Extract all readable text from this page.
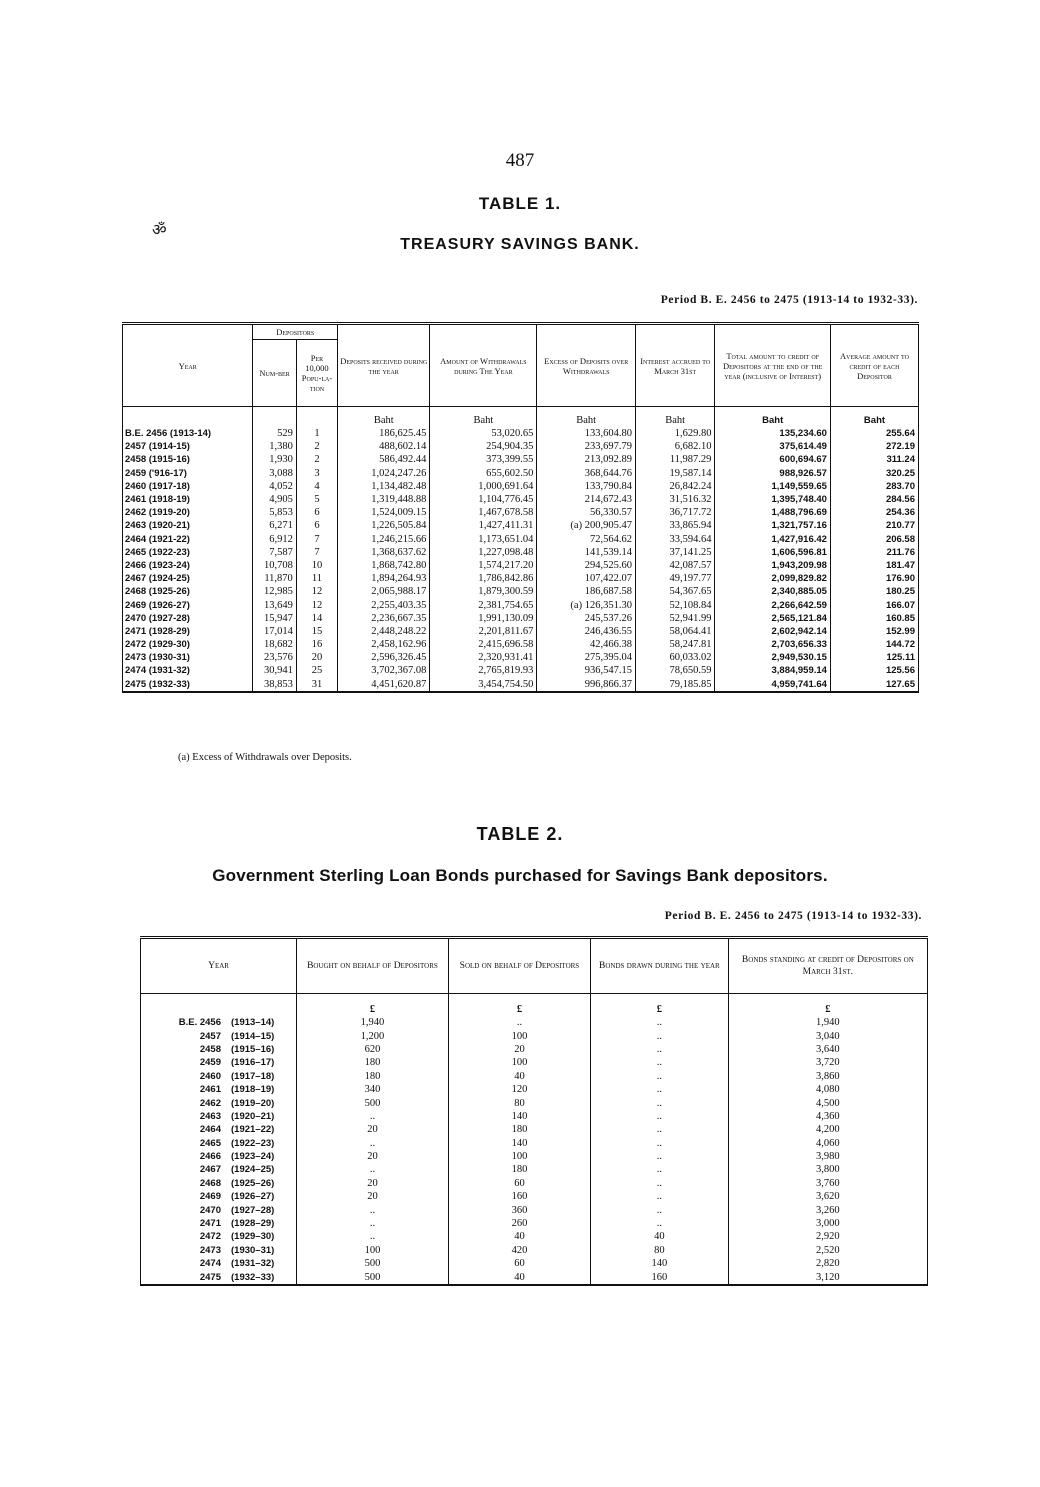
487
ॐ
TABLE 1.
TREASURY SAVINGS BANK.
Period B. E. 2456 to 2475 (1913-14 to 1932-33).
Year	Depositors		Deposits received during the year	Amount of Withdrawals during The Year	Excess of Deposits over Withdrawals	Interest accrued to March 31st	Total amount to credit of Depositors at the end of the year (inclusive of Interest)	Average amount to credit of each Depositor
	Num-ber	Per 10,000 Popu-la-tion						
			Baht	Baht	Baht	Baht	Baht	Baht
B.E. 2456 (1913-14)	529	1	186,625.45	53,020.65	133,604.80	1,629.80	135,234.60	255.64
2457 (1914-15)	1,380	2	488,602.14	254,904.35	233,697.79	6,682.10	375,614.49	272.19
2458 (1915-16)	1,930	2	586,492.44	373,399.55	213,092.89	11,987.29	600,694.67	311.24
2459 ('916-17)	3,088	3	1,024,247.26	655,602.50	368,644.76	19,587.14	988,926.57	320.25
2460 (1917-18)	4,052	4	1,134,482.48	1,000,691.64	133,790.84	26,842.24	1,149,559.65	283.70
2461 (1918-19)	4,905	5	1,319,448.88	1,104,776.45	214,672.43	31,516.32	1,395,748.40	284.56
2462 (1919-20)	5,853	6	1,524,009.15	1,467,678.58	56,330.57	36,717.72	1,488,796.69	254.36
2463 (1920-21)	6,271	6	1,226,505.84	1,427,411.31	(a) 200,905.47	33,865.94	1,321,757.16	210.77
2464 (1921-22)	6,912	7	1,246,215.66	1,173,651.04	72,564.62	33,594.64	1,427,916.42	206.58
2465 (1922-23)	7,587	7	1,368,637.62	1,227,098.48	141,539.14	37,141.25	1,606,596.81	211.76
2466 (1923-24)	10,708	10	1,868,742.80	1,574,217.20	294,525.60	42,087.57	1,943,209.98	181.47
2467 (1924-25)	11,870	11	1,894,264.93	1,786,842.86	107,422.07	49,197.77	2,099,829.82	176.90
2468 (1925-26)	12,985	12	2,065,988.17	1,879,300.59	186,687.58	54,367.65	2,340,885.05	180.25
2469 (1926-27)	13,649	12	2,255,403.35	2,381,754.65	(a) 126,351.30	52,108.84	2,266,642.59	166.07
2470 (1927-28)	15,947	14	2,236,667.35	1,991,130.09	245,537.26	52,941.99	2,565,121.84	160.85
2471 (1928-29)	17,014	15	2,448,248.22	2,201,811.67	246,436.55	58,064.41	2,602,942.14	152.99
2472 (1929-30)	18,682	16	2,458,162.96	2,415,696.58	42,466.38	58,247.81	2,703,656.33	144.72
2473 (1930-31)	23,576	20	2,596,326.45	2,320,931.41	275,395.04	60,033.02	2,949,530.15	125.11
2474 (1931-32)	30,941	25	3,702,367.08	2,765,819.93	936,547.15	78,650.59	3,884,959.14	125.56
2475 (1932-33)	38,853	31	4,451,620.87	3,454,754.50	996,866.37	79,185.85	4,959,741.64	127.65
(a) Excess of Withdrawals over Deposits.
TABLE 2.
Government Sterling Loan Bonds purchased for Savings Bank depositors.
Period B. E. 2456 to 2475 (1913-14 to 1932-33).
Year	Bought on behalf of Depositors	Sold on behalf of Depositors	Bonds drawn during the year	Bonds standing at credit of Depositors on March 31st.
	£	£	£	£
B.E. 2456 (1913–14)	1,940	..	..	1,940
2457 (1914–15)	1,200	100	..	3,040
2458 (1915–16)	620	20	..	3,640
2459 (1916–17)	180	100	..	3,720
2460 (1917–18)	180	40	..	3,860
2461 (1918–19)	340	120	..	4,080
2462 (1919–20)	500	80	..	4,500
2463 (1920–21)	..	140	..	4,360
2464 (1921–22)	20	180	..	4,200
2465 (1922–23)	..	140	..	4,060
2466 (1923–24)	20	100	..	3,980
2467 (1924–25)	..	180	..	3,800
2468 (1925–26)	20	60	..	3,760
2469 (1926–27)	20	160	..	3,620
2470 (1927–28)	..	360	..	3,260
2471 (1928–29)	..	260	..	3,000
2472 (1929–30)	..	40	40	2,920
2473 (1930–31)	100	420	80	2,520
2474 (1931–32)	500	60	140	2,820
2475 (1932–33)	500	40	160	3,120
